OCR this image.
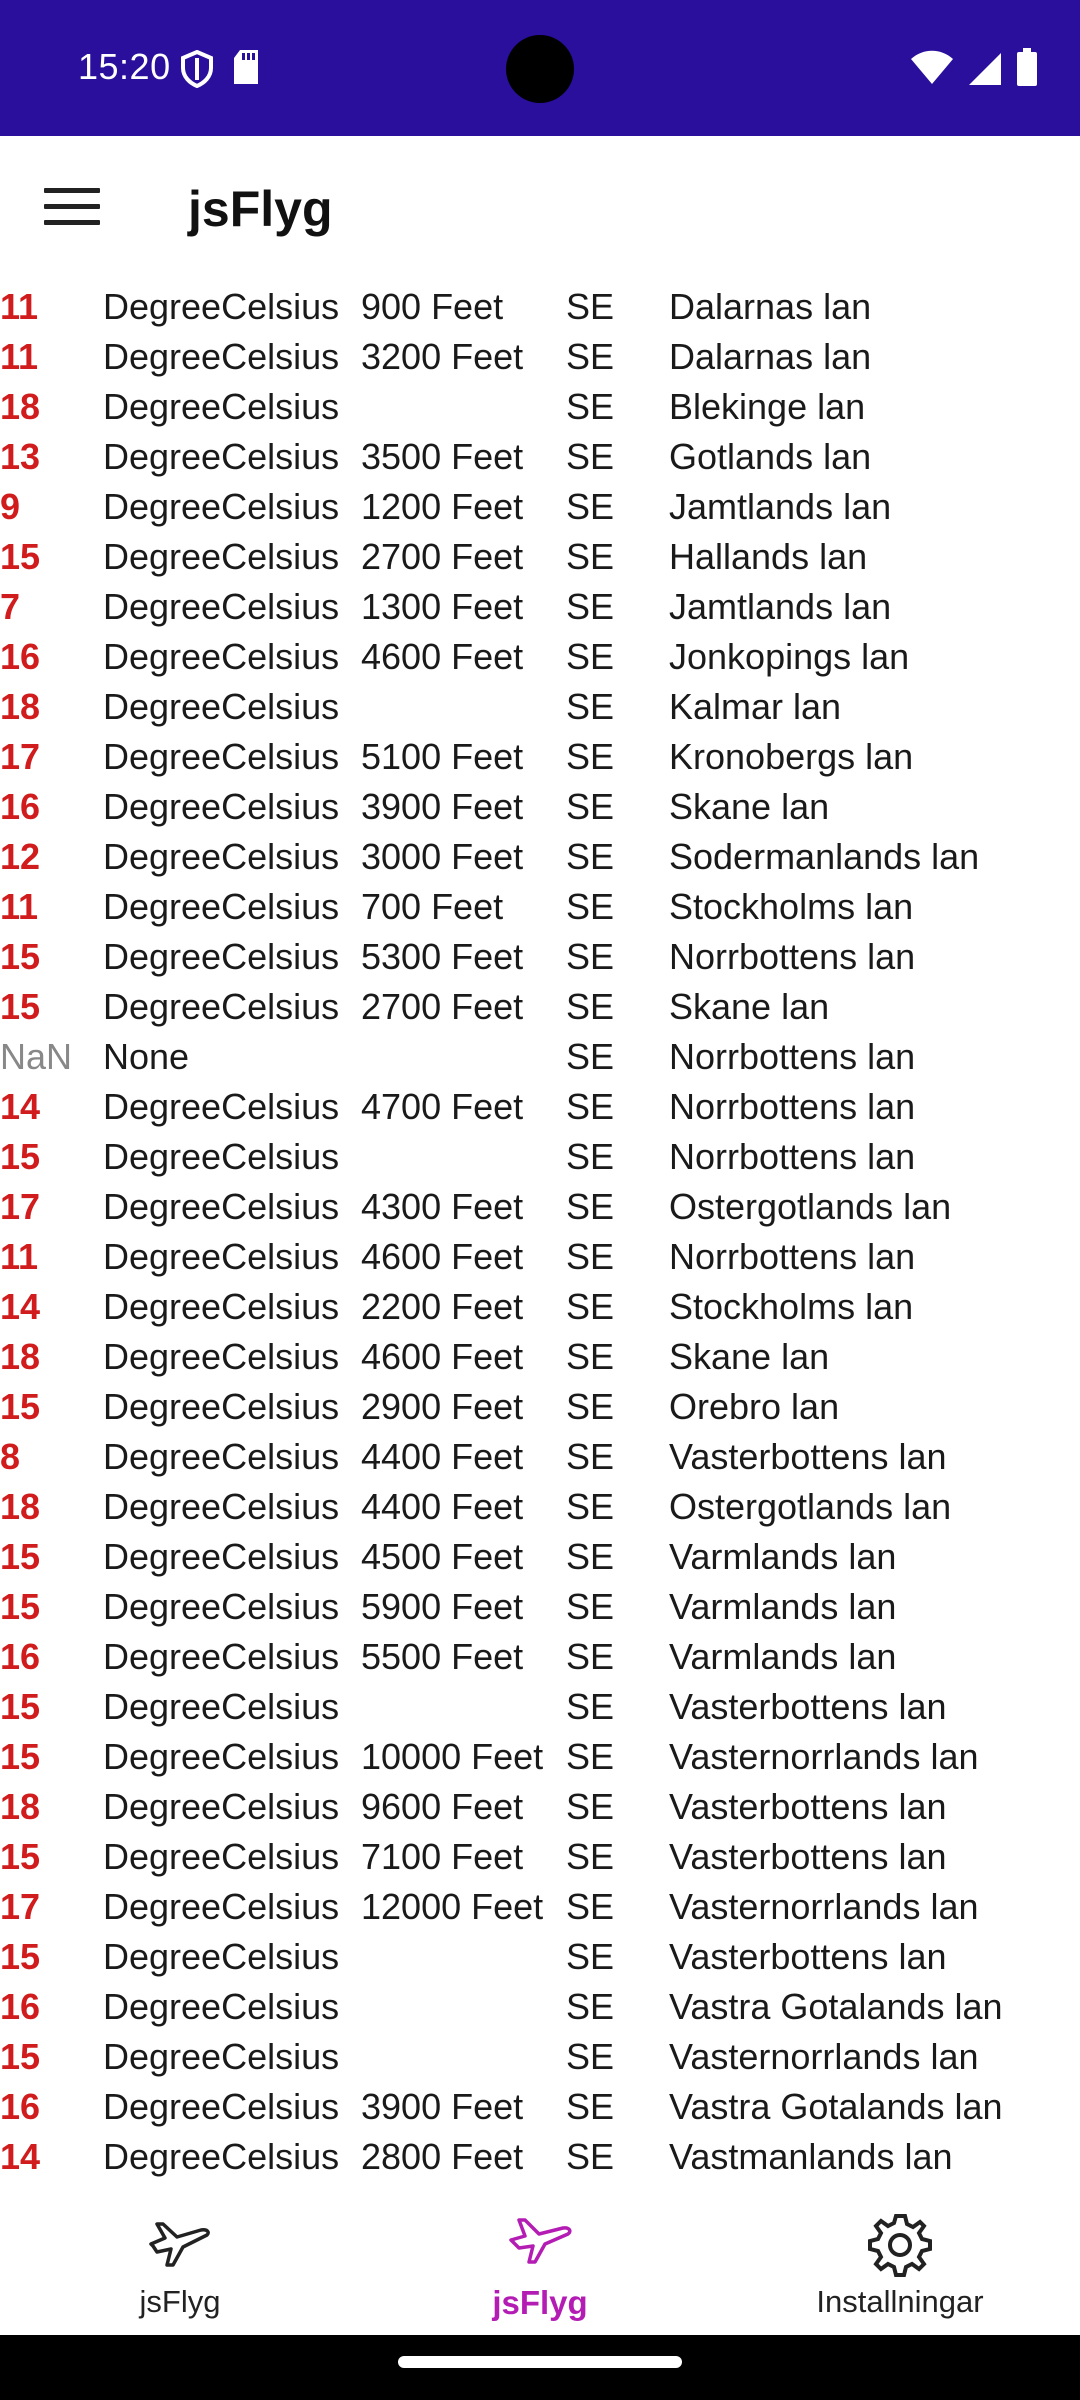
15:20
jsFlyg
11 DegreeCelsius 900 Feet SE Dalarnas lan
11 DegreeCelsius 3200 Feet SE Dalarnas lan
18 DegreeCelsius	SE Blekinge lan
13 DegreeCelsius 3500 Feet SE Gotlands lan
9 DegreeCelsius 1200 Feet SE Jamtlands lan
15 DegreeCelsius 2700 Feet SE Hallands lan
7 DegreeCelsius 1300 Feet SE Jamtlands lan
16 DegreeCelsius 4600 Feet SE Jonkopings lan
18 DegreeCelsius	SE Kalmar lan
17 DegreeCelsius 5100 Feet SE Kronobergs lan
16 DegreeCelsius 3900 Feet SE Skane lan
12 DegreeCelsius 3000 Feet SE Sodermanlands lan
11 DegreeCelsius 700 Feet SE Stockholms lan
15 DegreeCelsius 5300 Feet SE Norrbottens lan
15 DegreeCelsius 2700 Feet SE Skane lan
NaN None	SE Norrbottens lan
14 DegreeCelsius 4700 Feet SE Norrbottens lan
15 DegreeCelsius	SE Norrbottens lan
17 DegreeCelsius 4300 Feet SE Ostergotlands lan
11 DegreeCelsius 4600 Feet SE Norrbottens lan
14 DegreeCelsius 2200 Feet SE Stockholms lan
18 DegreeCelsius 4600 Feet SE Skane lan
15 DegreeCelsius 2900 Feet SE Orebro lan
8 DegreeCelsius 4400 Feet SE Vasterbottens lan
18 DegreeCelsius 4400 Feet SE Ostergotlands lan
15 DegreeCelsius 4500 Feet SE Varmlands lan
15 DegreeCelsius 5900 Feet SE Varmlands lan
16 DegreeCelsius 5500 Feet SE Varmlands lan
15 DegreeCelsius	SE Vasterbottens lan
15 DegreeCelsius 10000 Feet SE Vasternorrlands lan
18 DegreeCelsius 9600 Feet SE Vasterbottens lan
15 DegreeCelsius 7100 Feet SE Vasterbottens lan
17 DegreeCelsius 12000 Feet SE Vasternorrlands lan
15 DegreeCelsius	SE Vasterbottens lan
16 DegreeCelsius	SE Vastra Gotalands lan
15 DegreeCelsius	SE Vasternorrlands lan
16 DegreeCelsius 3900 Feet SE Vastra Gotalands lan
14 DegreeCelsius 2800 Feet SE Vastmanlands lan
jsFlyg	jsFlyg	Installningar
